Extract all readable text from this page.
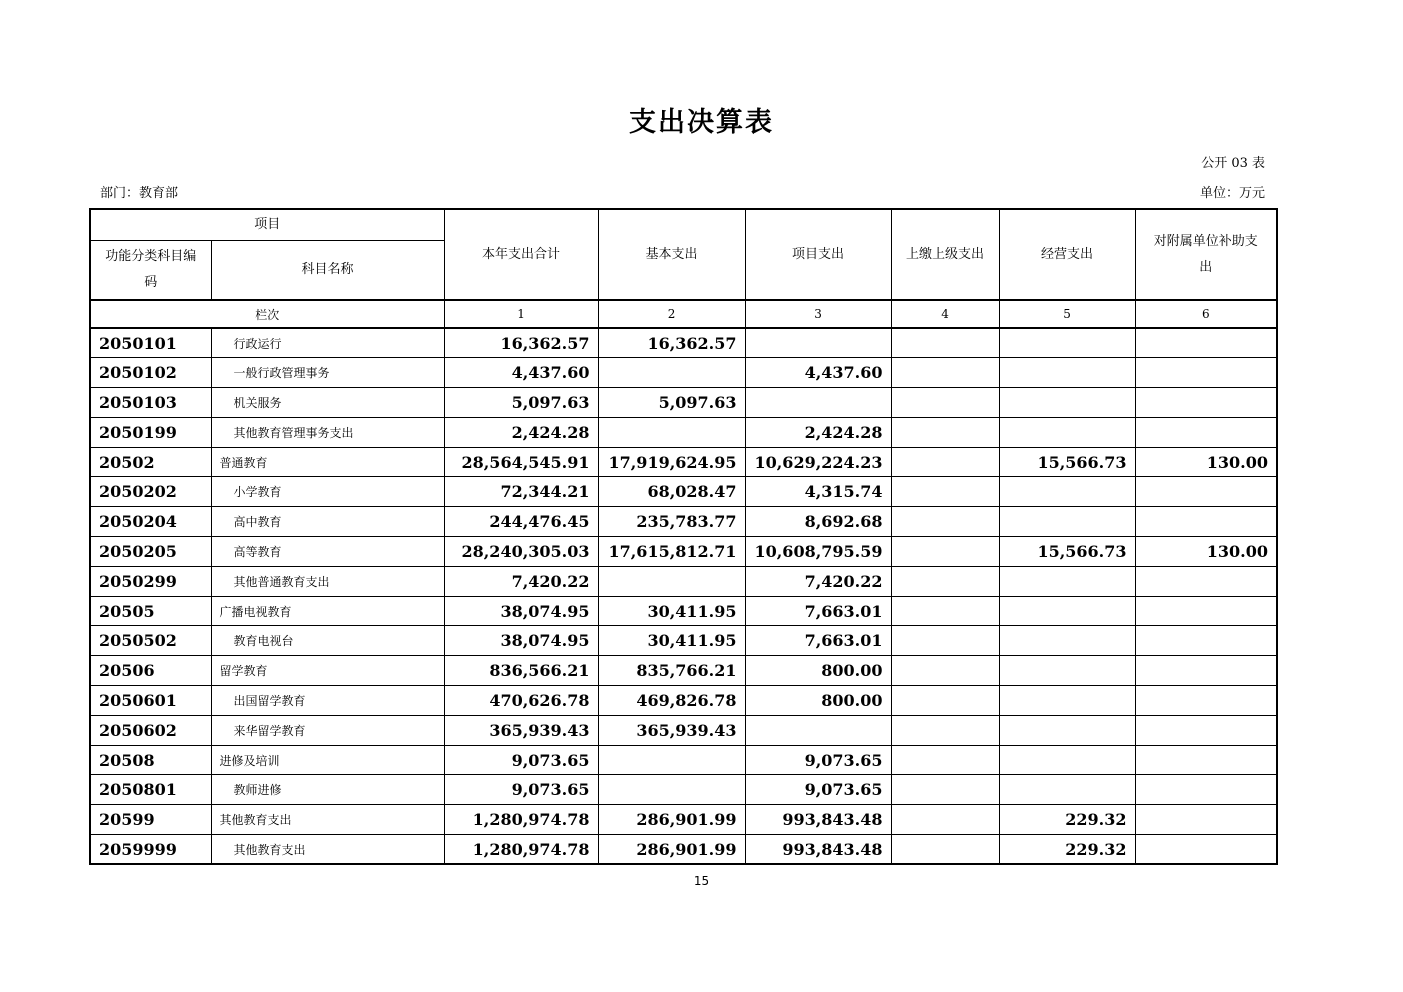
支出决算表
公开 03 表
部门：教育部	单位：万元
项目		本年支出合计	基本支出	项目支出	上缴上级支出	经营支出	对附属单位补助支出
功能分类科目编码	科目名称						
栏次		1	2	3	4	5	6
2050101	行政运行	16,362.57	16,362.57				
2050102	一般行政管理事务	4,437.60		4,437.60			
2050103	机关服务	5,097.63	5,097.63				
2050199	其他教育管理事务支出	2,424.28		2,424.28			
20502	普通教育	28,564,545.91	17,919,624.95	10,629,224.23		15,566.73	130.00
2050202	小学教育	72,344.21	68,028.47	4,315.74			
2050204	高中教育	244,476.45	235,783.77	8,692.68			
2050205	高等教育	28,240,305.03	17,615,812.71	10,608,795.59		15,566.73	130.00
2050299	其他普通教育支出	7,420.22		7,420.22			
20505	广播电视教育	38,074.95	30,411.95	7,663.01			
2050502	教育电视台	38,074.95	30,411.95	7,663.01			
20506	留学教育	836,566.21	835,766.21	800.00			
2050601	出国留学教育	470,626.78	469,826.78	800.00			
2050602	来华留学教育	365,939.43	365,939.43				
20508	进修及培训	9,073.65		9,073.65			
2050801	教师进修	9,073.65		9,073.65			
20599	其他教育支出	1,280,974.78	286,901.99	993,843.48		229.32	
2059999	其他教育支出	1,280,974.78	286,901.99	993,843.48		229.32	
15
